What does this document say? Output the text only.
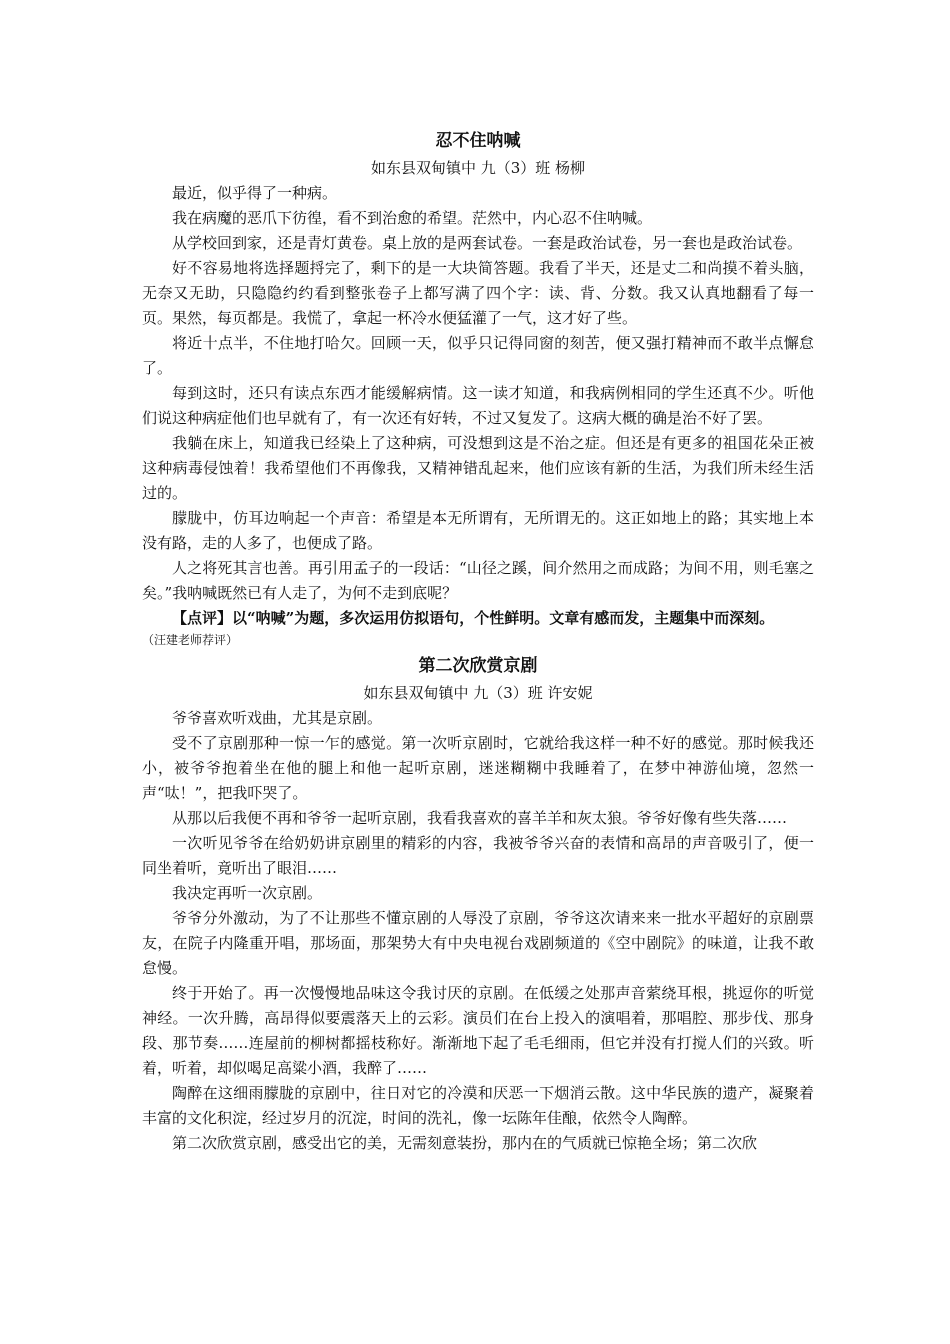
忍不住呐喊
如东县双甸镇中 九（3）班 杨柳

最近，似乎得了一种病。

我在病魔的恶爪下彷徨，看不到治愈的希望。茫然中，内心忍不住呐喊。

从学校回到家，还是青灯黄卷。桌上放的是两套试卷。一套是政治试卷，另一套也是政治试卷。

好不容易地将选择题捋完了，剩下的是一大块简答题。我看了半天，还是丈二和尚摸不着头脑，无奈又无助，只隐隐约约看到整张卷子上都写满了四个字：读、背、分数。我又认真地翻看了每一页。果然，每页都是。我慌了，拿起一杯冷水便猛灌了一气，这才好了些。

将近十点半，不住地打哈欠。回顾一天，似乎只记得同窗的刻苦，便又强打精神而不敢半点懈怠了。

每到这时，还只有读点东西才能缓解病情。这一读才知道，和我病例相同的学生还真不少。听他们说这种病症他们也早就有了，有一次还有好转，不过又复发了。这病大概的确是治不好了罢。

我躺在床上，知道我已经染上了这种病，可没想到这是不治之症。但还是有更多的祖国花朵正被这种病毒侵蚀着！我希望他们不再像我，又精神错乱起来，他们应该有新的生活，为我们所未经生活过的。

朦胧中，仿耳边响起一个声音：希望是本无所谓有，无所谓无的。这正如地上的路；其实地上本没有路，走的人多了，也便成了路。

人之将死其言也善。再引用孟子的一段话：“山径之蹊，间介然用之而成路；为间不用，则毛塞之矣。”我呐喊既然已有人走了，为何不走到底呢？

【点评】以“呐喊”为题，多次运用仿拟语句，个性鲜明。文章有感而发，主题集中而深刻。

（汪建老师荐评）

第二次欣赏京剧
如东县双甸镇中 九（3）班 许安妮

爷爷喜欢听戏曲，尤其是京剧。

受不了京剧那种一惊一乍的感觉。第一次听京剧时，它就给我这样一种不好的感觉。那时候我还小，被爷爷抱着坐在他的腿上和他一起听京剧，迷迷糊糊中我睡着了，在梦中神游仙境，忽然一声“呔！”，把我吓哭了。

从那以后我便不再和爷爷一起听京剧，我看我喜欢的喜羊羊和灰太狼。爷爷好像有些失落……

一次听见爷爷在给奶奶讲京剧里的精彩的内容，我被爷爷兴奋的表情和高昂的声音吸引了，便一同坐着听，竟听出了眼泪……

我决定再听一次京剧。

爷爷分外激动，为了不让那些不懂京剧的人辱没了京剧，爷爷这次请来来一批水平超好的京剧票友，在院子内隆重开唱，那场面，那架势大有中央电视台戏剧频道的《空中剧院》的味道，让我不敢怠慢。

终于开始了。再一次慢慢地品味这令我讨厌的京剧。在低缓之处那声音萦绕耳根，挑逗你的听觉神经。一次升腾，高昂得似要震落天上的云彩。演员们在台上投入的演唱着，那唱腔、那步伐、那身段、那节奏……连屋前的柳树都摇枝称好。渐渐地下起了毛毛细雨，但它并没有打搅人们的兴致。听着，听着，却似喝足高粱小酒，我醉了……

陶醉在这细雨朦胧的京剧中，往日对它的冷漠和厌恶一下烟消云散。这中华民族的遗产，凝聚着丰富的文化积淀，经过岁月的沉淀，时间的洗礼，像一坛陈年佳酿，依然令人陶醉。

第二次欣赏京剧，感受出它的美，无需刻意装扮，那内在的气质就已惊艳全场；第二次欣
